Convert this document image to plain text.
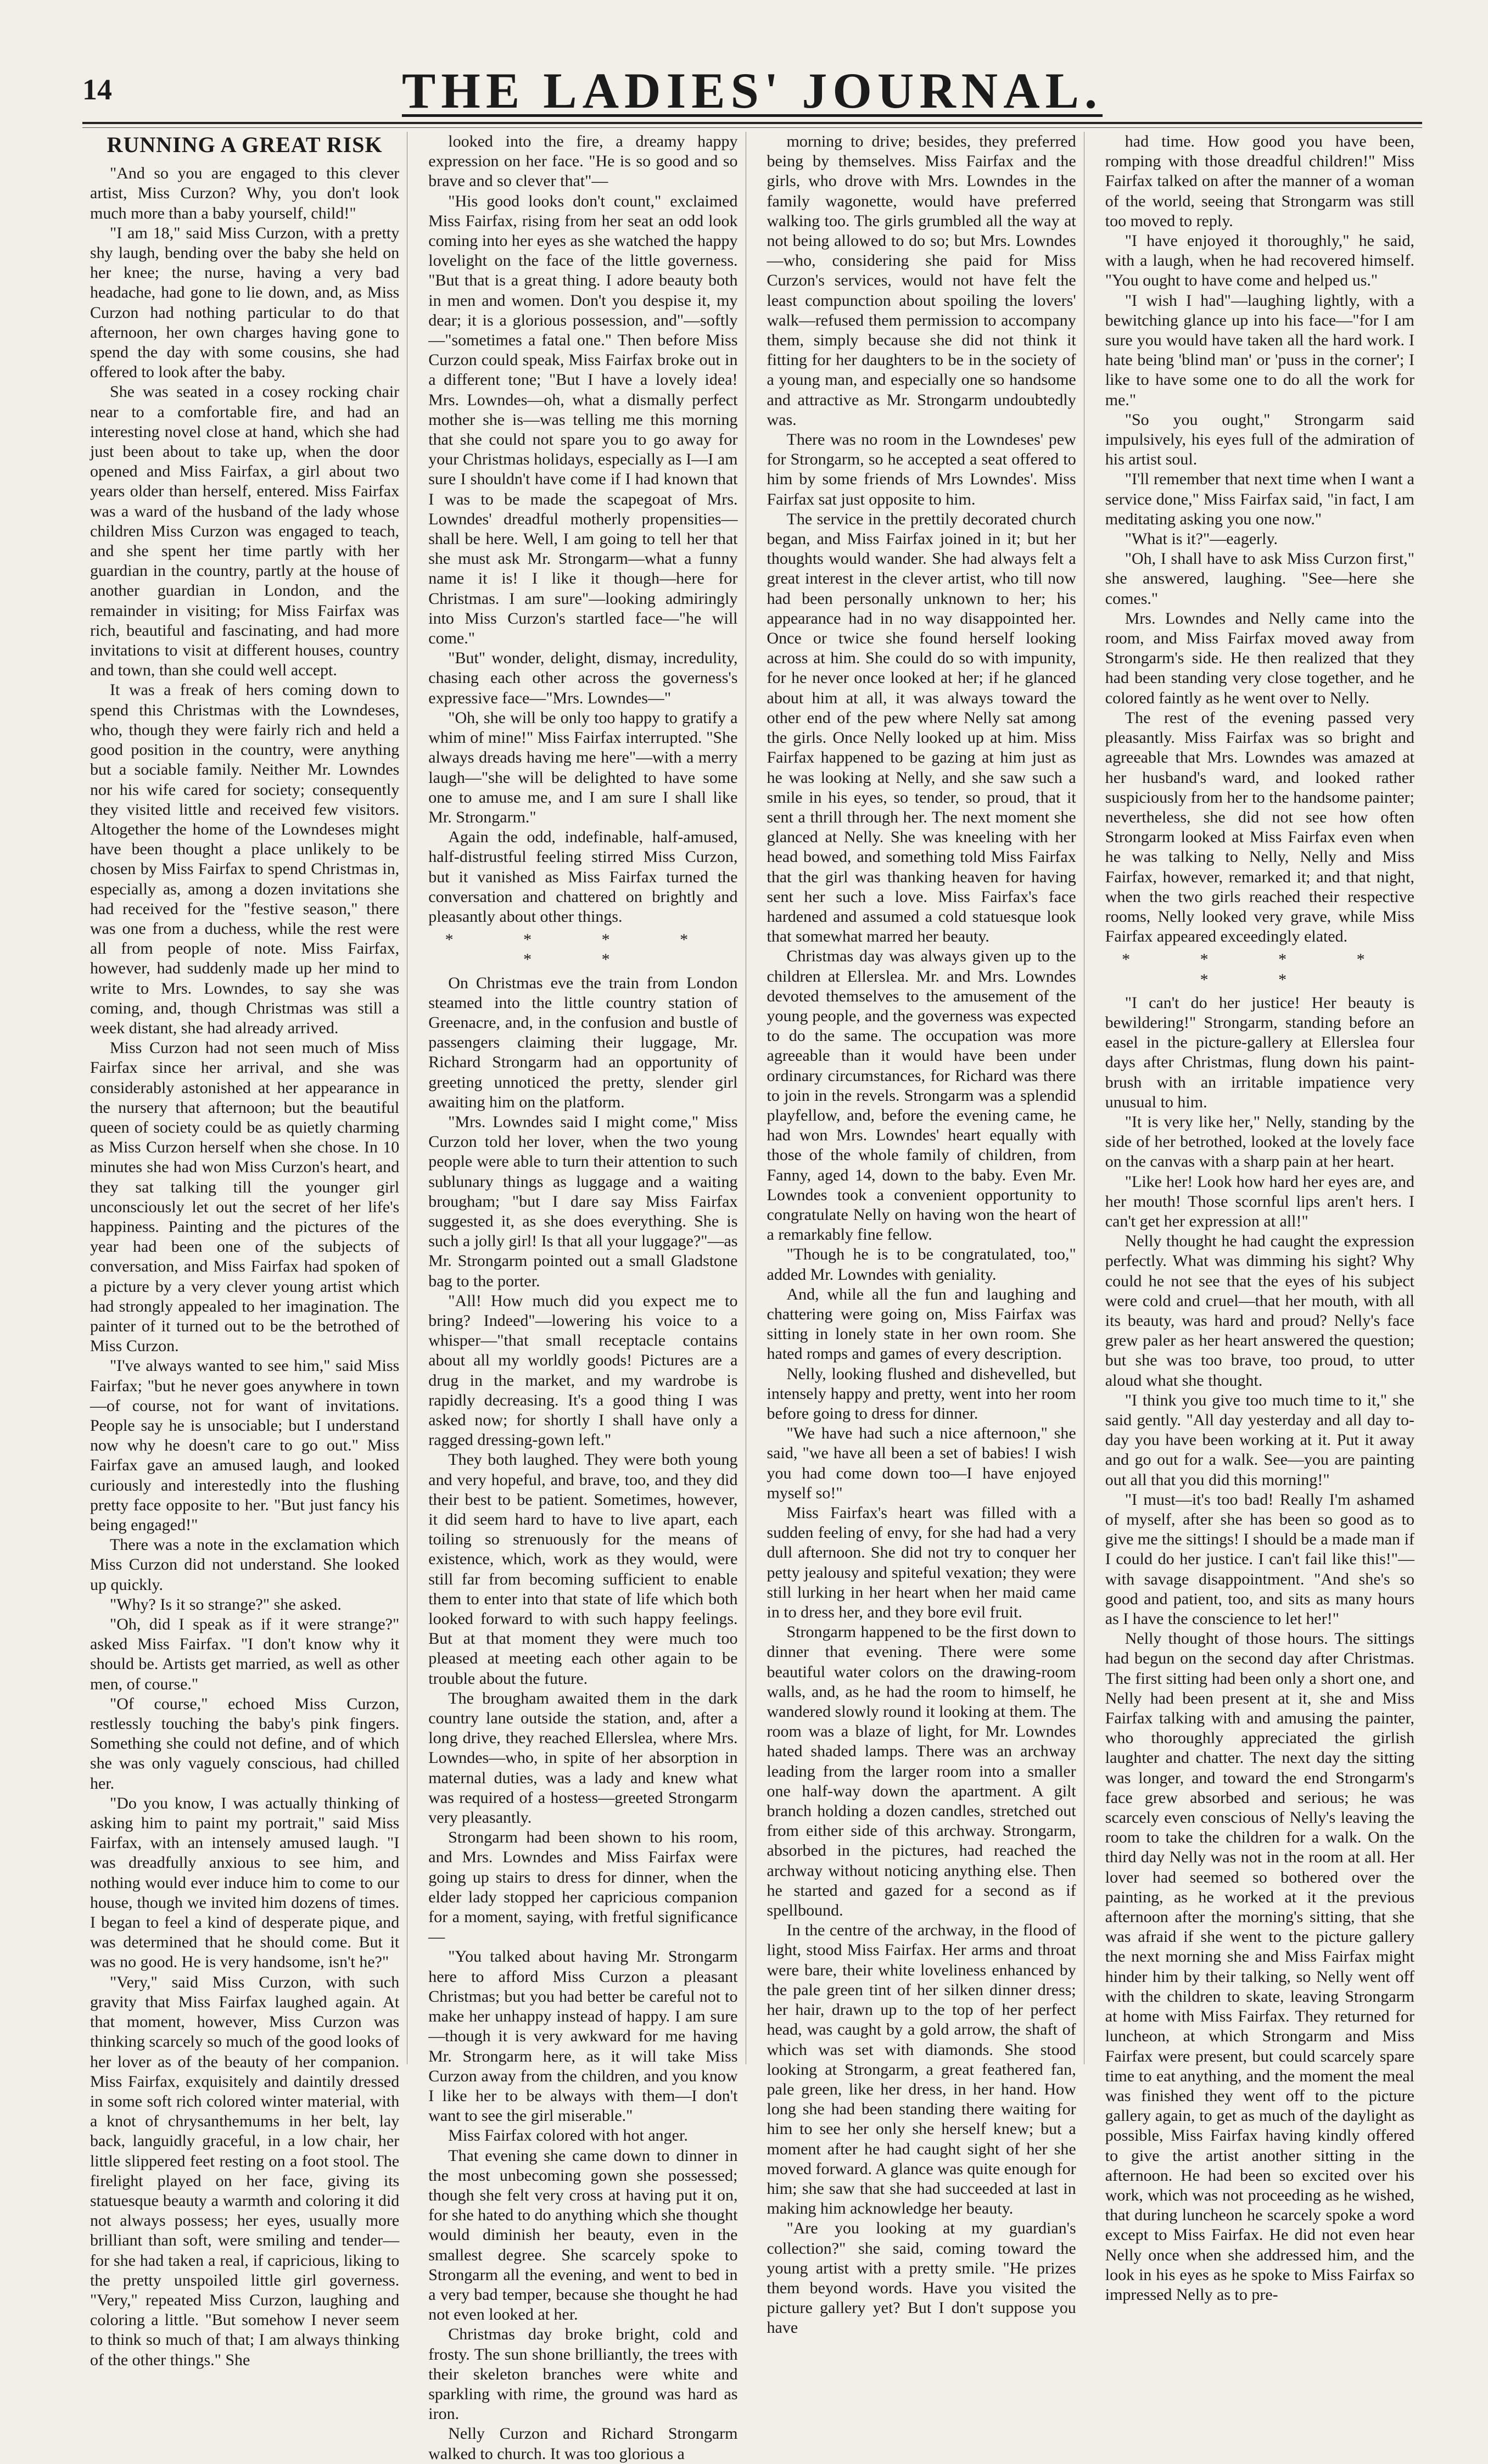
14	THE LADIES' JOURNAL.
RUNNING A GREAT RISK

"And so you are engaged to this clever artist, Miss Curzon? Why, you don't look much more than a baby yourself, child!"

"I am 18," said Miss Curzon, with a pretty shy laugh, bending over the baby she held on her knee; the nurse, having a very bad headache, had gone to lie down, and, as Miss Curzon had nothing particular to do that afternoon, her own charges having gone to spend the day with some cousins, she had offered to look after the baby.

She was seated in a cosey rocking chair near to a comfortable fire, and had an interesting novel close at hand, which she had just been about to take up, when the door opened and Miss Fairfax, a girl about two years older than herself, entered. Miss Fairfax was a ward of the husband of the lady whose children Miss Curzon was engaged to teach, and she spent her time partly with her guardian in the country, partly at the house of another guardian in London, and the remainder in visiting; for Miss Fairfax was rich, beautiful and fascinating, and had more invitations to visit at different houses, country and town, than she could well accept.

It was a freak of hers coming down to spend this Christmas with the Lowndeses, who, though they were fairly rich and held a good position in the country, were anything but a sociable family. Neither Mr. Lowndes nor his wife cared for society; consequently they visited little and received few visitors. Altogether the home of the Lowndeses might have been thought a place unlikely to be chosen by Miss Fairfax to spend Christmas in, especially as, among a dozen invitations she had received for the "festive season," there was one from a duchess, while the rest were all from people of note. Miss Fairfax, however, had suddenly made up her mind to write to Mrs. Lowndes, to say she was coming, and, though Christmas was still a week distant, she had already arrived.

Miss Curzon had not seen much of Miss Fairfax since her arrival, and she was considerably astonished at her appearance in the nursery that afternoon; but the beautiful queen of society could be as quietly charming as Miss Curzon herself when she chose. In 10 minutes she had won Miss Curzon's heart, and they sat talking till the younger girl unconsciously let out the secret of her life's happiness. Painting and the pictures of the year had been one of the subjects of conversation, and Miss Fairfax had spoken of a picture by a very clever young artist which had strongly appealed to her imagination. The painter of it turned out to be the betrothed of Miss Curzon.

"I've always wanted to see him," said Miss Fairfax; "but he never goes anywhere in town—of course, not for want of invitations. People say he is unsociable; but I understand now why he doesn't care to go out." Miss Fairfax gave an amused laugh, and looked curiously and interestedly into the flushing pretty face opposite to her. "But just fancy his being engaged!"

There was a note in the exclamation which Miss Curzon did not understand. She looked up quickly.

"Why? Is it so strange?" she asked.

"Oh, did I speak as if it were strange?" asked Miss Fairfax. "I don't know why it should be. Artists get married, as well as other men, of course."

"Of course," echoed Miss Curzon, restlessly touching the baby's pink fingers. Something she could not define, and of which she was only vaguely conscious, had chilled her.

"Do you know, I was actually thinking of asking him to paint my portrait," said Miss Fairfax, with an intensely amused laugh. "I was dreadfully anxious to see him, and nothing would ever induce him to come to our house, though we invited him dozens of times. I began to feel a kind of desperate pique, and was determined that he should come. But it was no good. He is very handsome, isn't he?"

"Very," said Miss Curzon, with such gravity that Miss Fairfax laughed again. At that moment, however, Miss Curzon was thinking scarcely so much of the good looks of her lover as of the beauty of her companion. Miss Fairfax, exquisitely and daintily dressed in some soft rich colored winter material, with a knot of chrysanthemums in her belt, lay back, languidly graceful, in a low chair, her little slippered feet resting on a foot stool. The firelight played on her face, giving its statuesque beauty a warmth and coloring it did not always possess; her eyes, usually more brilliant than soft, were smiling and tender—for she had taken a real, if capricious, liking to the pretty unspoiled little girl governess. "Very," repeated Miss Curzon, laughing and coloring a little. "But somehow I never seem to think so much of that; I am always thinking of the other things." She

looked into the fire, a dreamy happy expression on her face. "He is so good and so brave and so clever that"—

"His good looks don't count," exclaimed Miss Fairfax, rising from her seat an odd look coming into her eyes as she watched the happy lovelight on the face of the little governess. "But that is a great thing. I adore beauty both in men and women. Don't you despise it, my dear; it is a glorious possession, and"—softly—"sometimes a fatal one." Then before Miss Curzon could speak, Miss Fairfax broke out in a different tone; "But I have a lovely idea! Mrs. Lowndes—oh, what a dismally perfect mother she is—was telling me this morning that she could not spare you to go away for your Christmas holidays, especially as I—I am sure I shouldn't have come if I had known that I was to be made the scapegoat of Mrs. Lowndes' dreadful motherly propensities—shall be here. Well, I am going to tell her that she must ask Mr. Strongarm—what a funny name it is! I like it though—here for Christmas. I am sure"—looking admiringly into Miss Curzon's startled face—"he will come."

"But" wonder, delight, dismay, incredulity, chasing each other across the governess's expressive face—"Mrs. Lowndes—"

"Oh, she will be only too happy to gratify a whim of mine!" Miss Fairfax interrupted. "She always dreads having me here"—with a merry laugh—"she will be delighted to have some one to amuse me, and I am sure I shall like Mr. Strongarm."

Again the odd, indefinable, half-amused, half-distrustful feeling stirred Miss Curzon, but it vanished as Miss Fairfax turned the conversation and chattered on brightly and pleasantly about other things.

* * * * * *

On Christmas eve the train from London steamed into the little country station of Greenacre, and, in the confusion and bustle of passengers claiming their luggage, Mr. Richard Strongarm had an opportunity of greeting unnoticed the pretty, slender girl awaiting him on the platform.

"Mrs. Lowndes said I might come," Miss Curzon told her lover, when the two young people were able to turn their attention to such sublunary things as luggage and a waiting brougham; "but I dare say Miss Fairfax suggested it, as she does everything. She is such a jolly girl! Is that all your luggage?"—as Mr. Strongarm pointed out a small Gladstone bag to the porter.

"All! How much did you expect me to bring? Indeed"—lowering his voice to a whisper—"that small receptacle contains about all my worldly goods! Pictures are a drug in the market, and my wardrobe is rapidly decreasing. It's a good thing I was asked now; for shortly I shall have only a ragged dressing-gown left."

They both laughed. They were both young and very hopeful, and brave, too, and they did their best to be patient. Sometimes, however, it did seem hard to have to live apart, each toiling so strenuously for the means of existence, which, work as they would, were still far from becoming sufficient to enable them to enter into that state of life which both looked forward to with such happy feelings. But at that moment they were much too pleased at meeting each other again to be trouble about the future.

The brougham awaited them in the dark country lane outside the station, and, after a long drive, they reached Ellerslea, where Mrs. Lowndes—who, in spite of her absorption in maternal duties, was a lady and knew what was required of a hostess—greeted Strongarm very pleasantly.

Strongarm had been shown to his room, and Mrs. Lowndes and Miss Fairfax were going up stairs to dress for dinner, when the elder lady stopped her capricious companion for a moment, saying, with fretful significance—

"You talked about having Mr. Strongarm here to afford Miss Curzon a pleasant Christmas; but you had better be careful not to make her unhappy instead of happy. I am sure—though it is very awkward for me having Mr. Strongarm here, as it will take Miss Curzon away from the children, and you know I like her to be always with them—I don't want to see the girl miserable."

Miss Fairfax colored with hot anger.

That evening she came down to dinner in the most unbecoming gown she possessed; though she felt very cross at having put it on, for she hated to do anything which she thought would diminish her beauty, even in the smallest degree. She scarcely spoke to Strongarm all the evening, and went to bed in a very bad temper, because she thought he had not even looked at her.

Christmas day broke bright, cold and frosty. The sun shone brilliantly, the trees with their skeleton branches were white and sparkling with rime, the ground was hard as iron.

Nelly Curzon and Richard Strongarm walked to church. It was too glorious a

morning to drive; besides, they preferred being by themselves. Miss Fairfax and the girls, who drove with Mrs. Lowndes in the family wagonette, would have preferred walking too. The girls grumbled all the way at not being allowed to do so; but Mrs. Lowndes—who, considering she paid for Miss Curzon's services, would not have felt the least compunction about spoiling the lovers' walk—refused them permission to accompany them, simply because she did not think it fitting for her daughters to be in the society of a young man, and especially one so handsome and attractive as Mr. Strongarm undoubtedly was.

There was no room in the Lowndeses' pew for Strongarm, so he accepted a seat offered to him by some friends of Mrs Lowndes'. Miss Fairfax sat just opposite to him.

The service in the prettily decorated church began, and Miss Fairfax joined in it; but her thoughts would wander. She had always felt a great interest in the clever artist, who till now had been personally unknown to her; his appearance had in no way disappointed her. Once or twice she found herself looking across at him. She could do so with impunity, for he never once looked at her; if he glanced about him at all, it was always toward the other end of the pew where Nelly sat among the girls. Once Nelly looked up at him. Miss Fairfax happened to be gazing at him just as he was looking at Nelly, and she saw such a smile in his eyes, so tender, so proud, that it sent a thrill through her. The next moment she glanced at Nelly. She was kneeling with her head bowed, and something told Miss Fairfax that the girl was thanking heaven for having sent her such a love. Miss Fairfax's face hardened and assumed a cold statuesque look that somewhat marred her beauty.

Christmas day was always given up to the children at Ellerslea. Mr. and Mrs. Lowndes devoted themselves to the amusement of the young people, and the governess was expected to do the same. The occupation was more agreeable than it would have been under ordinary circumstances, for Richard was there to join in the revels. Strongarm was a splendid playfellow, and, before the evening came, he had won Mrs. Lowndes' heart equally with those of the whole family of children, from Fanny, aged 14, down to the baby. Even Mr. Lowndes took a convenient opportunity to congratulate Nelly on having won the heart of a remarkably fine fellow.

"Though he is to be congratulated, too," added Mr. Lowndes with geniality.

And, while all the fun and laughing and chattering were going on, Miss Fairfax was sitting in lonely state in her own room. She hated romps and games of every description.

Nelly, looking flushed and dishevelled, but intensely happy and pretty, went into her room before going to dress for dinner.

"We have had such a nice afternoon," she said, "we have all been a set of babies! I wish you had come down too—I have enjoyed myself so!"

Miss Fairfax's heart was filled with a sudden feeling of envy, for she had had a very dull afternoon. She did not try to conquer her petty jealousy and spiteful vexation; they were still lurking in her heart when her maid came in to dress her, and they bore evil fruit.

Strongarm happened to be the first down to dinner that evening. There were some beautiful water colors on the drawing-room walls, and, as he had the room to himself, he wandered slowly round it looking at them. The room was a blaze of light, for Mr. Lowndes hated shaded lamps. There was an archway leading from the larger room into a smaller one half-way down the apartment. A gilt branch holding a dozen candles, stretched out from either side of this archway. Strongarm, absorbed in the pictures, had reached the archway without noticing anything else. Then he started and gazed for a second as if spellbound.

In the centre of the archway, in the flood of light, stood Miss Fairfax. Her arms and throat were bare, their white loveliness enhanced by the pale green tint of her silken dinner dress; her hair, drawn up to the top of her perfect head, was caught by a gold arrow, the shaft of which was set with diamonds. She stood looking at Strongarm, a great feathered fan, pale green, like her dress, in her hand. How long she had been standing there waiting for him to see her only she herself knew; but a moment after he had caught sight of her she moved forward. A glance was quite enough for him; she saw that she had succeeded at last in making him acknowledge her beauty.

"Are you looking at my guardian's collection?" she said, coming toward the young artist with a pretty smile. "He prizes them beyond words. Have you visited the picture gallery yet? But I don't suppose you have

had time. How good you have been, romping with those dreadful children!" Miss Fairfax talked on after the manner of a woman of the world, seeing that Strongarm was still too moved to reply.

"I have enjoyed it thoroughly," he said, with a laugh, when he had recovered himself. "You ought to have come and helped us."

"I wish I had"—laughing lightly, with a bewitching glance up into his face—"for I am sure you would have taken all the hard work. I hate being 'blind man' or 'puss in the corner'; I like to have some one to do all the work for me."

"So you ought," Strongarm said impulsively, his eyes full of the admiration of his artist soul.

"I'll remember that next time when I want a service done," Miss Fairfax said, "in fact, I am meditating asking you one now."

"What is it?"—eagerly.

"Oh, I shall have to ask Miss Curzon first," she answered, laughing. "See—here she comes."

Mrs. Lowndes and Nelly came into the room, and Miss Fairfax moved away from Strongarm's side. He then realized that they had been standing very close together, and he colored faintly as he went over to Nelly.

The rest of the evening passed very pleasantly. Miss Fairfax was so bright and agreeable that Mrs. Lowndes was amazed at her husband's ward, and looked rather suspiciously from her to the handsome painter; nevertheless, she did not see how often Strongarm looked at Miss Fairfax even when he was talking to Nelly, Nelly and Miss Fairfax, however, remarked it; and that night, when the two girls reached their respective rooms, Nelly looked very grave, while Miss Fairfax appeared exceedingly elated.

* * * * * *

"I can't do her justice! Her beauty is bewildering!" Strongarm, standing before an easel in the picture-gallery at Ellerslea four days after Christmas, flung down his paint-brush with an irritable impatience very unusual to him.

"It is very like her," Nelly, standing by the side of her betrothed, looked at the lovely face on the canvas with a sharp pain at her heart.

"Like her! Look how hard her eyes are, and her mouth! Those scornful lips aren't hers. I can't get her expression at all!"

Nelly thought he had caught the expression perfectly. What was dimming his sight? Why could he not see that the eyes of his subject were cold and cruel—that her mouth, with all its beauty, was hard and proud? Nelly's face grew paler as her heart answered the question; but she was too brave, too proud, to utter aloud what she thought.

"I think you give too much time to it," she said gently. "All day yesterday and all day to-day you have been working at it. Put it away and go out for a walk. See—you are painting out all that you did this morning!"

"I must—it's too bad! Really I'm ashamed of myself, after she has been so good as to give me the sittings! I should be a made man if I could do her justice. I can't fail like this!"—with savage disappointment. "And she's so good and patient, too, and sits as many hours as I have the conscience to let her!"

Nelly thought of those hours. The sittings had begun on the second day after Christmas. The first sitting had been only a short one, and Nelly had been present at it, she and Miss Fairfax talking with and amusing the painter, who thoroughly appreciated the girlish laughter and chatter. The next day the sitting was longer, and toward the end Strongarm's face grew absorbed and serious; he was scarcely even conscious of Nelly's leaving the room to take the children for a walk. On the third day Nelly was not in the room at all. Her lover had seemed so bothered over the painting, as he worked at it the previous afternoon after the morning's sitting, that she was afraid if she went to the picture gallery the next morning she and Miss Fairfax might hinder him by their talking, so Nelly went off with the children to skate, leaving Strongarm at home with Miss Fairfax. They returned for luncheon, at which Strongarm and Miss Fairfax were present, but could scarcely spare time to eat anything, and the moment the meal was finished they went off to the picture gallery again, to get as much of the daylight as possible, Miss Fairfax having kindly offered to give the artist another sitting in the afternoon. He had been so excited over his work, which was not proceeding as he wished, that during luncheon he scarcely spoke a word except to Miss Fairfax. He did not even hear Nelly once when she addressed him, and the look in his eyes as he spoke to Miss Fairfax so impressed Nelly as to pre-
